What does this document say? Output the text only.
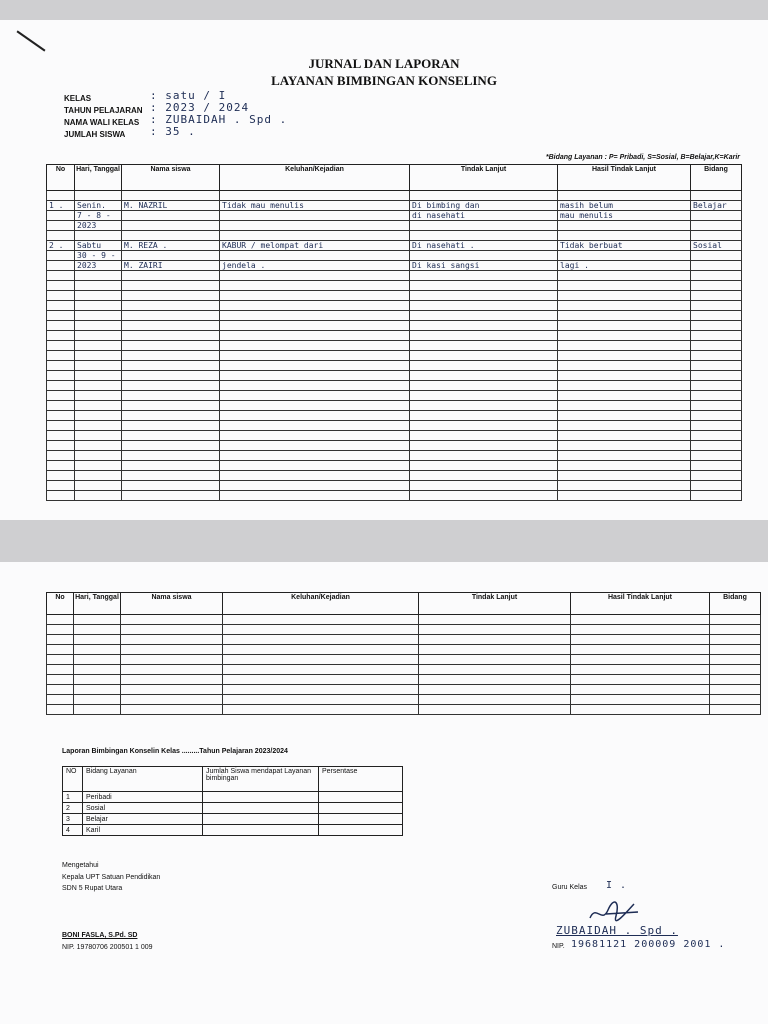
JURNAL DAN LAPORAN
LAYANAN BIMBINGAN KONSELING
KELAS	: satu / I
TAHUN PELAJARAN : 2023 / 2024
NAMA WALI KELAS : ZUBAIDAH . Spd .
JUMLAH SISWA : 35 .
*Bidang Layanan : P= Pribadi, S=Sosial, B=Belajar,K=Karir
No	Hari, Tanggal	Nama siswa	Keluhan/Kejadian	Tindak Lanjut	Hasil Tindak Lanjut	Bidang

1 .	Senin.	M. NAZRIL	Tidak mau menulis	Di bimbing dan	masih belum	Belajar
	7 - 8 -			di nasehati	mau menulis	
	2023					

2 .	Sabtu	M. REZA .	KABUR / melompat dari	Di nasehati .	Tidak berbuat	Sosial
	30 - 9 -					
	2023	M. ZAIRI	jendela .	Di kasi sangsi	lagi .	

No	Hari, Tanggal	Nama siswa	Keluhan/Kejadian	Tindak Lanjut	Hasil Tindak Lanjut	Bidang

Laporan Bimbingan Konselin Kelas .........Tahun Pelajaran 2023/2024
NO	Bidang Layanan	Jumlah Siswa mendapat Layanan bimbingan	Persentase
1	Peribadi		
2	Sosial		
3	Belajar		
4	Karil		
Mengetahui
Kepala UPT Satuan Pendidikan
SDN 5 Rupat Utara
BONI FASLA, S.Pd. SD
NIP. 19780706 200501 1 009
Guru Kelas I .
ZUBAIDAH . Spd .
NIP. 19681121 200009 2001 .
